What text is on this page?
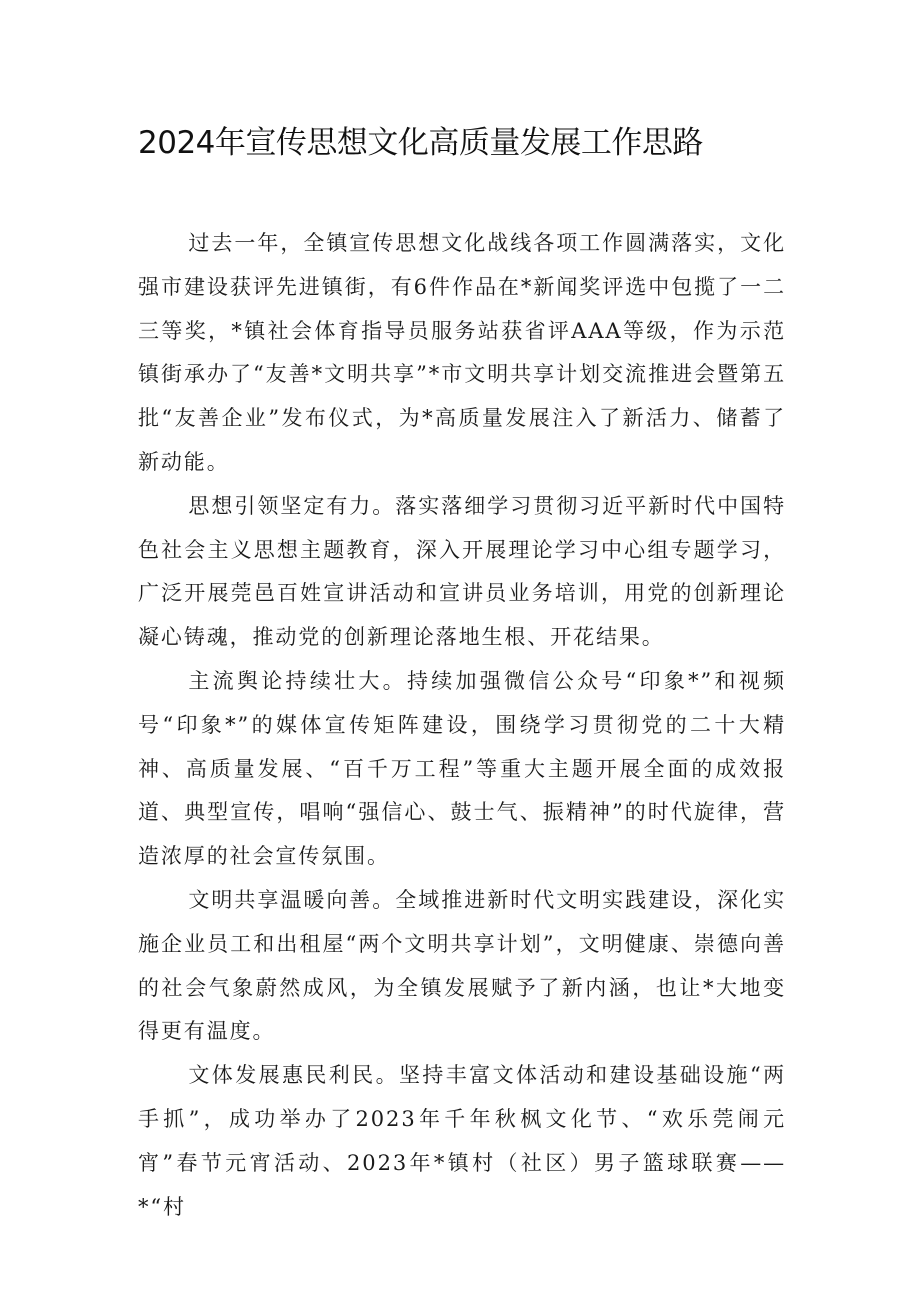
2024年宣传思想文化高质量发展工作思路

过去一年，全镇宣传思想文化战线各项工作圆满落实，文化强市建设获评先进镇街，有6件作品在*新闻奖评选中包揽了一二三等奖，*镇社会体育指导员服务站获省评AAA等级，作为示范镇街承办了“友善*文明共享”*市文明共享计划交流推进会暨第五批“友善企业”发布仪式，为*高质量发展注入了新活力、储蓄了新动能。

思想引领坚定有力。落实落细学习贯彻习近平新时代中国特色社会主义思想主题教育，深入开展理论学习中心组专题学习，广泛开展莞邑百姓宣讲活动和宣讲员业务培训，用党的创新理论凝心铸魂，推动党的创新理论落地生根、开花结果。

主流舆论持续壮大。持续加强微信公众号“印象*”和视频号“印象*”的媒体宣传矩阵建设，围绕学习贯彻党的二十大精神、高质量发展、“百千万工程”等重大主题开展全面的成效报道、典型宣传，唱响“强信心、鼓士气、振精神”的时代旋律，营造浓厚的社会宣传氛围。

文明共享温暖向善。全域推进新时代文明实践建设，深化实施企业员工和出租屋“两个文明共享计划”，文明健康、崇德向善的社会气象蔚然成风，为全镇发展赋予了新内涵，也让*大地变得更有温度。

文体发展惠民利民。坚持丰富文体活动和建设基础设施“两手抓”，成功举办了2023年千年秋枫文化节、“欢乐莞闹元宵”春节元宵活动、2023年*镇村（社区）男子篮球联赛——*“村
